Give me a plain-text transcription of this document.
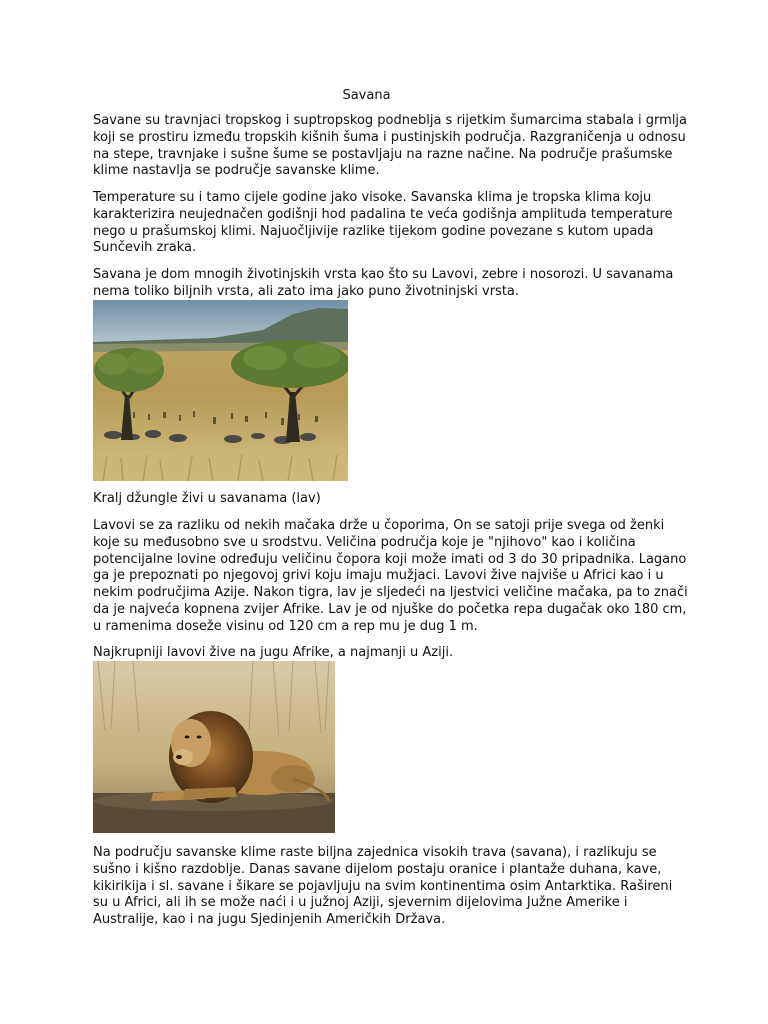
Savana

Savane su travnjaci tropskog i suptropskog podneblja s rijetkim šumarcima stabala i grmlja koji se prostiru između tropskih kišnih šuma i pustinjskih područja. Razgraničenja u odnosu na stepe, travnjake i sušne šume se postavljaju na razne načine. Na područje prašumske klime nastavlja se područje savanske klime.

Temperature su i tamo cijele godine jako visoke. Savanska klima je tropska klima koju karakterizira neujednačen godišnji hod padalina te veća godišnja amplituda temperature nego u prašumskoj klimi. Najuočljivije razlike tijekom godine povezane s kutom upada Sunčevih zraka.

Savana je dom mnogih životinjskih vrsta kao što su Lavovi, zebre i nosorozi. U savanama nema toliko biljnih vrsta, ali zato ima jako puno životninjski vrsta.

Kralj džungle živi u savanama (lav)

Lavovi se za razliku od nekih mačaka drže u čoporima, On se satoji prije svega od ženki koje su međusobno sve u srodstvu. Veličina područja koje je "njihovo" kao i količina potencijalne lovine određuju veličinu čopora koji može imati od 3 do 30 pripadnika. Lagano ga je prepoznati po njegovoj grivi koju imaju mužjaci. Lavovi žive najviše u Africi kao i u nekim područjima Azije. Nakon tigra, lav je sljedeći na ljestvici veličine mačaka, pa to znači da je najveća kopnena zvijer Afrike. Lav je od njuške do početka repa dugačak oko 180 cm, u ramenima doseže visinu od 120 cm a rep mu je dug 1 m.

Najkrupniji lavovi žive na jugu Afrike, a najmanji u Aziji.

Na području savanske klime raste biljna zajednica visokih trava (savana), i razlikuju se sušno i kišno razdoblje. Danas savane dijelom postaju oranice i plantaže duhana, kave, kikirikija i sl. savane i šikare se pojavljuju na svim kontinentima osim Antarktika. Rašireni su u Africi, ali ih se može naći i u južnoj Aziji, sjevernim dijelovima Južne Amerike i Australije, kao i na jugu Sjedinjenih Američkih Država.
